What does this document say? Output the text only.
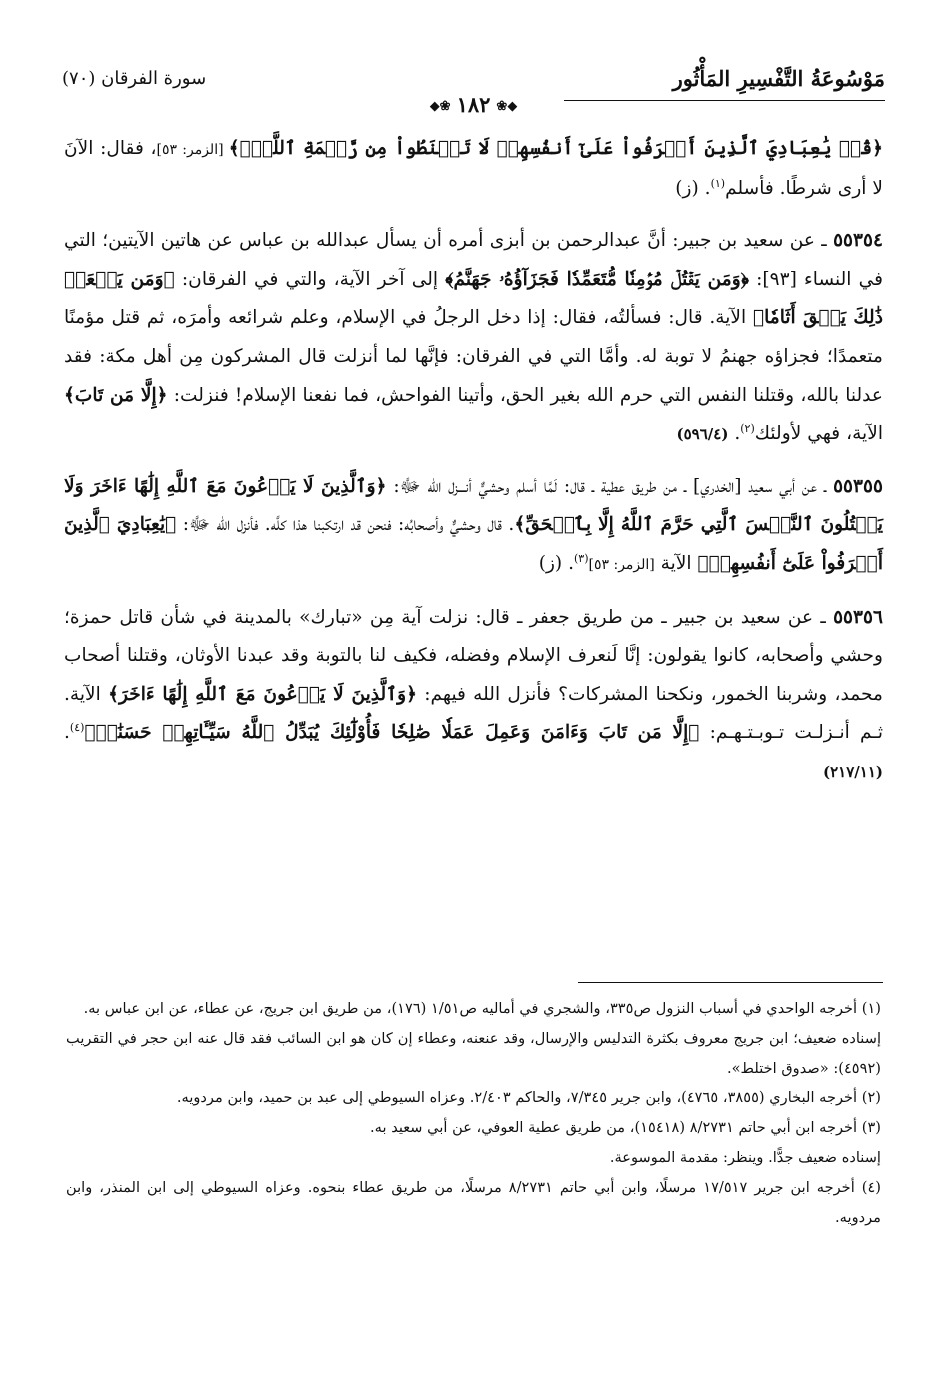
مَوْسُوعَةُ التَّفْسِيرِ المَأْثُور
سورة الفرقان (٧٠)
◆❀١٨٢❀◆

﴿قُلۡ يَٰعِبَادِيَ ٱلَّذِينَ أَسۡرَفُواْ عَلَىٰٓ أَنفُسِهِمۡ لَا تَقۡنَطُواْ مِن رَّحۡمَةِ ٱللَّهِۚ﴾ [الزمر: ٥٣]، فقال: الآنَ لا أرى شرطًا. فأسلم$^{(١)}$. (ز)

٥٥٣٥٤ ـ عن سعيد بن جبير: أنَّ عبدالرحمن بن أبزى أمره أن يسأل عبدالله بن عباس عن هاتين الآيتين؛ التي في النساء [٩٣]: ﴿وَمَن يَقۡتُلۡ مُؤۡمِنٗا مُّتَعَمِّدٗا فَجَزَآؤُهُۥ جَهَنَّمُ﴾ إلى آخر الآية، والتي في الفرقان: ﴿وَمَن يَفۡعَلۡ ذَٰلِكَ يَلۡقَ أَثَامٗا﴾ الآية. قال: فسألتُه، فقال: إذا دخل الرجلُ في الإسلام، وعلم شرائعه وأمرَه، ثم قتل مؤمنًا متعمدًا؛ فجزاؤه جهنمُ لا توبة له. وأمَّا التي في الفرقان: فإنَّها لما أنزلت قال المشركون مِن أهل مكة: فقد عدلنا بالله، وقتلنا النفس التي حرم الله بغير الحق، وأتينا الفواحش، فما نفعنا الإسلام! فنزلت: ﴿إِلَّا مَن تَابَ﴾ الآية، فهي لأولئك$^{(٢)}$. (٥٩٦/٤)

٥٥٣٥٥ ـ عن أبي سعيد [الخدري] ـ من طريق عطية ـ قال: لَمَّا أسلم وحشيٌّ أنـــزل الله ﷻ: ﴿وَٱلَّذِينَ لَا يَدۡعُونَ مَعَ ٱللَّهِ إِلَٰهًا ءَاخَرَ وَلَا يَقۡتُلُونَ ٱلنَّفۡسَ ٱلَّتِي حَرَّمَ ٱللَّهُ إِلَّا بِٱلۡحَقِّ﴾. قال وحشيٌّ وأصحابُه: فنحن قد ارتكبنا هذا كلَّه. فأنزل الله ﷻ: ﴿يَٰعِبَادِيَ ٱلَّذِينَ أَسۡرَفُواْ عَلَىٰٓ أَنفُسِهِمۡ﴾ الآية [الزمر: ٥٣]$^{(٣)}$. (ز)

٥٥٣٥٦ ـ عن سعيد بن جبير ـ من طريق جعفر ـ قال: نزلت آية مِن «تبارك» بالمدينة في شأن قاتل حمزة؛ وحشي وأصحابه، كانوا يقولون: إنَّا لَنعرف الإسلام وفضله، فكيف لنا بالتوبة وقد عبدنا الأوثان، وقتلنا أصحاب محمد، وشربنا الخمور، ونكحنا المشركات؟ فأنزل الله فيهم: ﴿وَٱلَّذِينَ لَا يَدۡعُونَ مَعَ ٱللَّهِ إِلَٰهًا ءَاخَرَ﴾ الآية. ثـم أنـزلـت تـوبـتـهـم: ﴿إِلَّا مَن تَابَ وَءَامَنَ وَعَمِلَ عَمَلٗا صَٰلِحٗا فَأُوْلَٰٓئِكَ يُبَدِّلُ ٱللَّهُ سَيِّـَٔاتِهِمۡ حَسَنَٰتٖ﴾$^{(٤)}$. (٢١٧/١١)

(١) أخرجه الواحدي في أسباب النزول ص٣٣٥، والشجري في أماليه ص١/٥١ (١٧٦)، من طريق ابن جريج، عن عطاء، عن ابن عباس به.

إسناده ضعيف؛ ابن جريج معروف بكثرة التدليس والإرسال، وقد عنعنه، وعطاء إن كان هو ابن السائب فقد قال عنه ابن حجر في التقريب (٤٥٩٢): «صدوق اختلط».

(٢) أخرجه البخاري (٣٨٥٥، ٤٧٦٥)، وابن جرير ٧/٣٤٥، والحاكم ٢/٤٠٣. وعزاه السيوطي إلى عبد بن حميد، وابن مردويه.

(٣) أخرجه ابن أبي حاتم ٨/٢٧٣١ (١٥٤١٨)، من طريق عطية العوفي، عن أبي سعيد به.

إسناده ضعيف جدًّا. وينظر: مقدمة الموسوعة.

(٤) أخرجه ابن جرير ١٧/٥١٧ مرسلًا، وابن أبي حاتم ٨/٢٧٣١ مرسلًا، من طريق عطاء بنحوه. وعزاه السيوطي إلى ابن المنذر، وابن مردويه.
